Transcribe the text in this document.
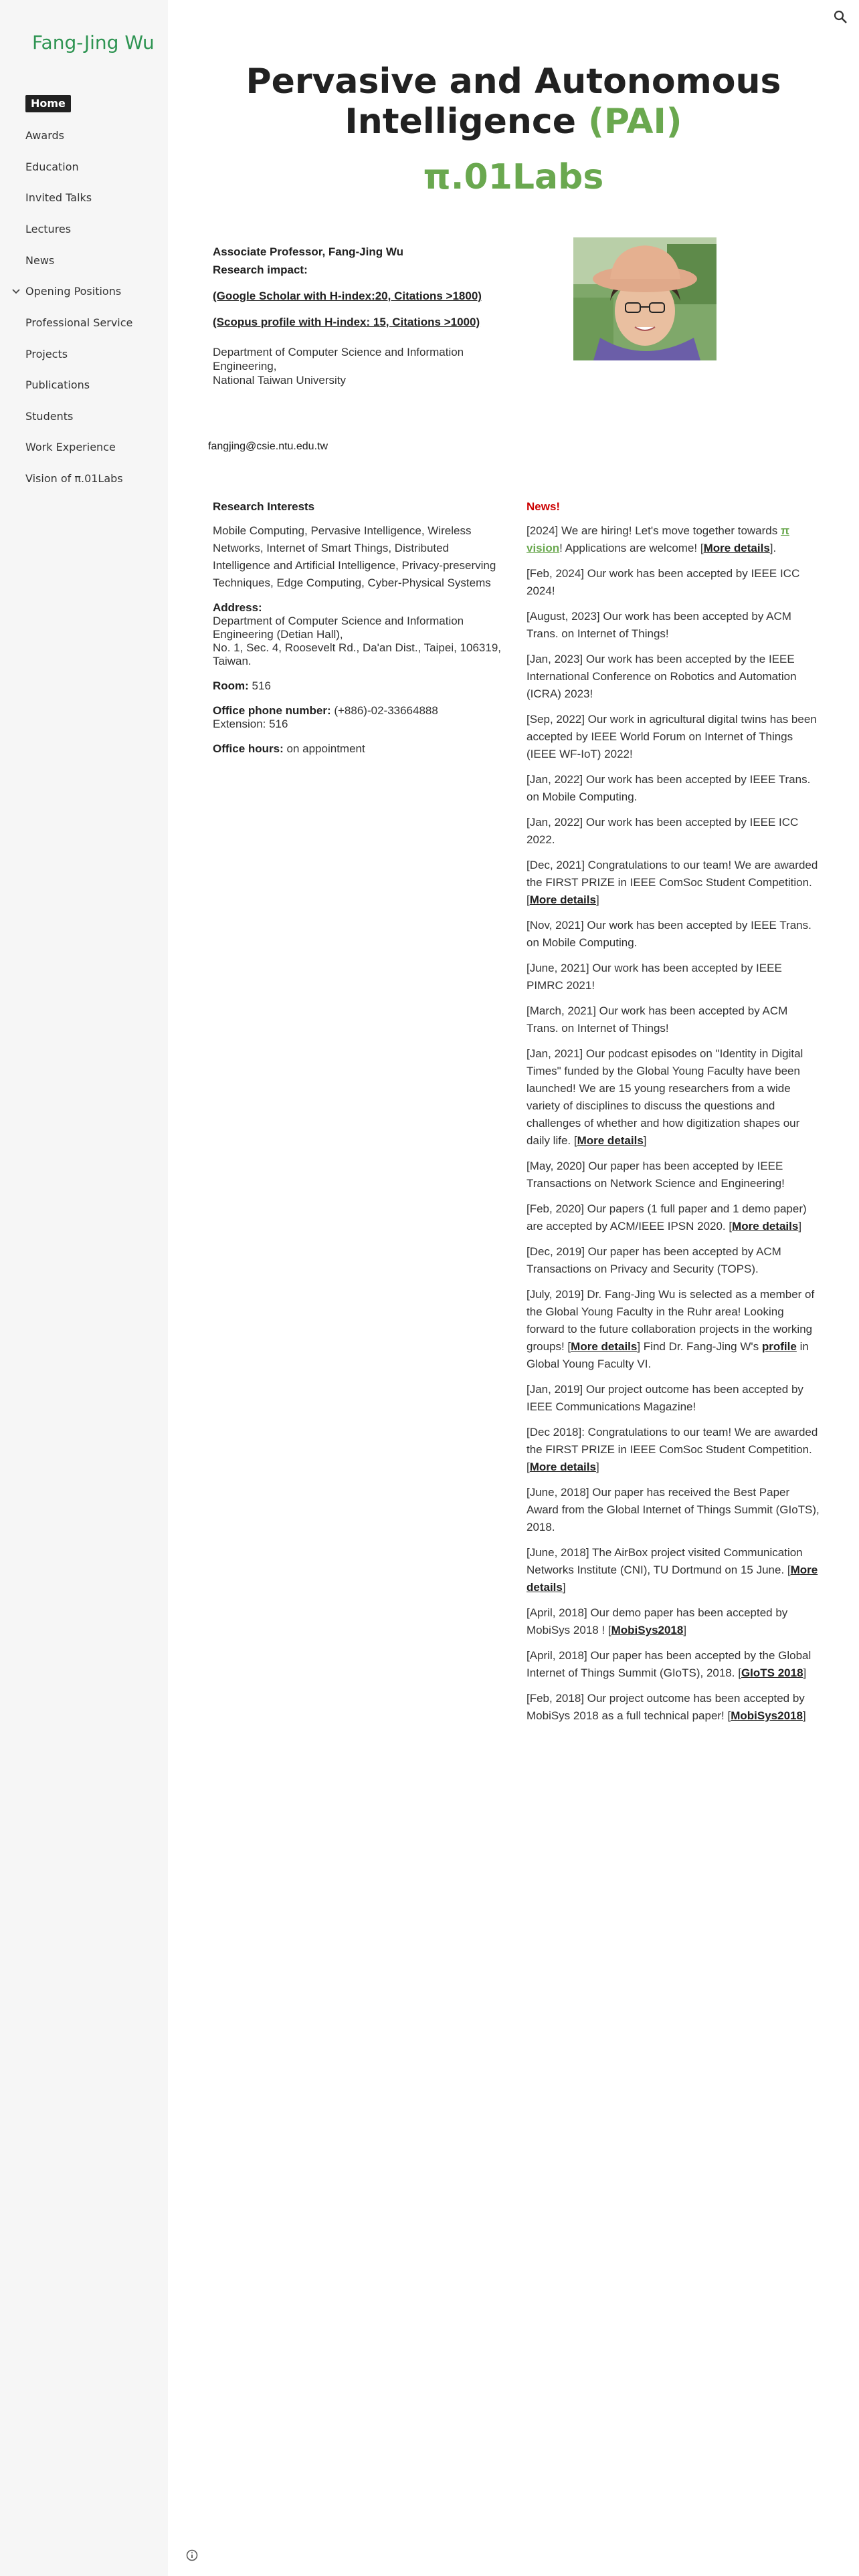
Fang-Jing Wu
Home
Awards
Education
Invited Talks
Lectures
News
Opening Positions
Professional Service
Projects
Publications
Students
Work Experience
Vision of π.01Labs
Pervasive and Autonomous
Intelligence (PAI)
π.01Labs
Associate Professor, Fang-Jing Wu
Research impact:
(Google Scholar with H-index:20, Citations >1800)
(Scopus profile with H-index: 15, Citations >1000)
Department of Computer Science and Information Engineering,
National Taiwan University
fangjing@csie.ntu.edu.tw
Research Interests

Mobile Computing, Pervasive Intelligence, Wireless Networks, Internet of Smart Things, Distributed Intelligence and Artificial Intelligence, Privacy-preserving Techniques, Edge Computing, Cyber-Physical Systems

Address:
Department of Computer Science and Information Engineering (Detian Hall),
No. 1, Sec. 4, Roosevelt Rd., Da'an Dist., Taipei, 106319, Taiwan.

Room: 516

Office phone number: (+886)-02-33664888
Extension: 516

Office hours: on appointment

News!

[2024] We are hiring! Let's move together towards π vision! Applications are welcome! [More details].

[Feb, 2024] Our work has been accepted by IEEE ICC 2024!

[August, 2023] Our work has been accepted by ACM Trans. on Internet of Things!

[Jan, 2023] Our work has been accepted by the IEEE International Conference on Robotics and Automation (ICRA) 2023!

[Sep, 2022] Our work in agricultural digital twins has been accepted by IEEE World Forum on Internet of Things (IEEE WF-IoT) 2022!

[Jan, 2022] Our work has been accepted by IEEE Trans. on Mobile Computing.

[Jan, 2022] Our work has been accepted by IEEE ICC 2022.

[Dec, 2021] Congratulations to our team! We are awarded the FIRST PRIZE in IEEE ComSoc Student Competition. [More details]

[Nov, 2021] Our work has been accepted by IEEE Trans. on Mobile Computing.

[June, 2021] Our work has been accepted by IEEE PIMRC 2021!

[March, 2021] Our work has been accepted by ACM Trans. on Internet of Things!

[Jan, 2021] Our podcast episodes on "Identity in Digital Times" funded by the Global Young Faculty have been launched! We are 15 young researchers from a wide variety of disciplines to discuss the questions and challenges of whether and how digitization shapes our daily life. [More details]

[May, 2020] Our paper has been accepted by IEEE Transactions on Network Science and Engineering!

[Feb, 2020] Our papers (1 full paper and 1 demo paper) are accepted by ACM/IEEE IPSN 2020. [More details]

[Dec, 2019] Our paper has been accepted by ACM Transactions on Privacy and Security (TOPS).

[July, 2019] Dr. Fang-Jing Wu is selected as a member of the Global Young Faculty in the Ruhr area! Looking forward to the future collaboration projects in the working groups! [More details] Find Dr. Fang-Jing W's profile in Global Young Faculty VI.

[Jan, 2019] Our project outcome has been accepted by IEEE Communications Magazine!

[Dec 2018]: Congratulations to our team! We are awarded the FIRST PRIZE in IEEE ComSoc Student Competition. [More details]

[June, 2018] Our paper has received the Best Paper Award from the Global Internet of Things Summit (GIoTS), 2018.

[June, 2018] The AirBox project visited Communication Networks Institute (CNI), TU Dortmund on 15 June. [More details]

[April, 2018] Our demo paper has been accepted by MobiSys 2018 ! [MobiSys2018]

[April, 2018] Our paper has been accepted by the Global Internet of Things Summit (GIoTS), 2018. [GIoTS 2018]

[Feb, 2018] Our project outcome has been accepted by MobiSys 2018 as a full technical paper! [MobiSys2018]
